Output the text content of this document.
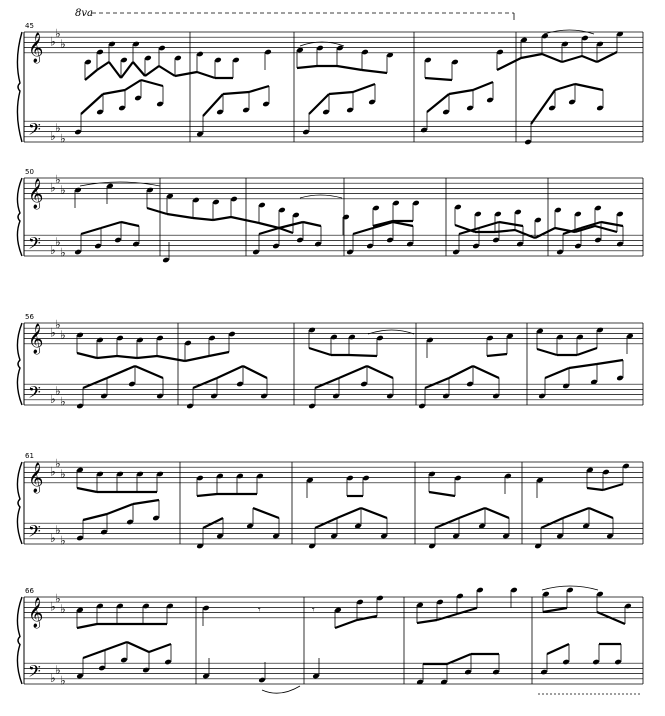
𝄞
𝄢
♭
♭
♭
♭
♭
♭
45
8va
𝄞
𝄢
♭
♭
♭
♭
♭
♭
50
𝄞
𝄢
♭
♭
♭
♭
♭
♭
56
𝄞
𝄢
♭
♭
♭
♭
♭
♭
61
𝄞
𝄢
♭
♭
♭
♭
♭
♭
66
𝄾	𝄾
